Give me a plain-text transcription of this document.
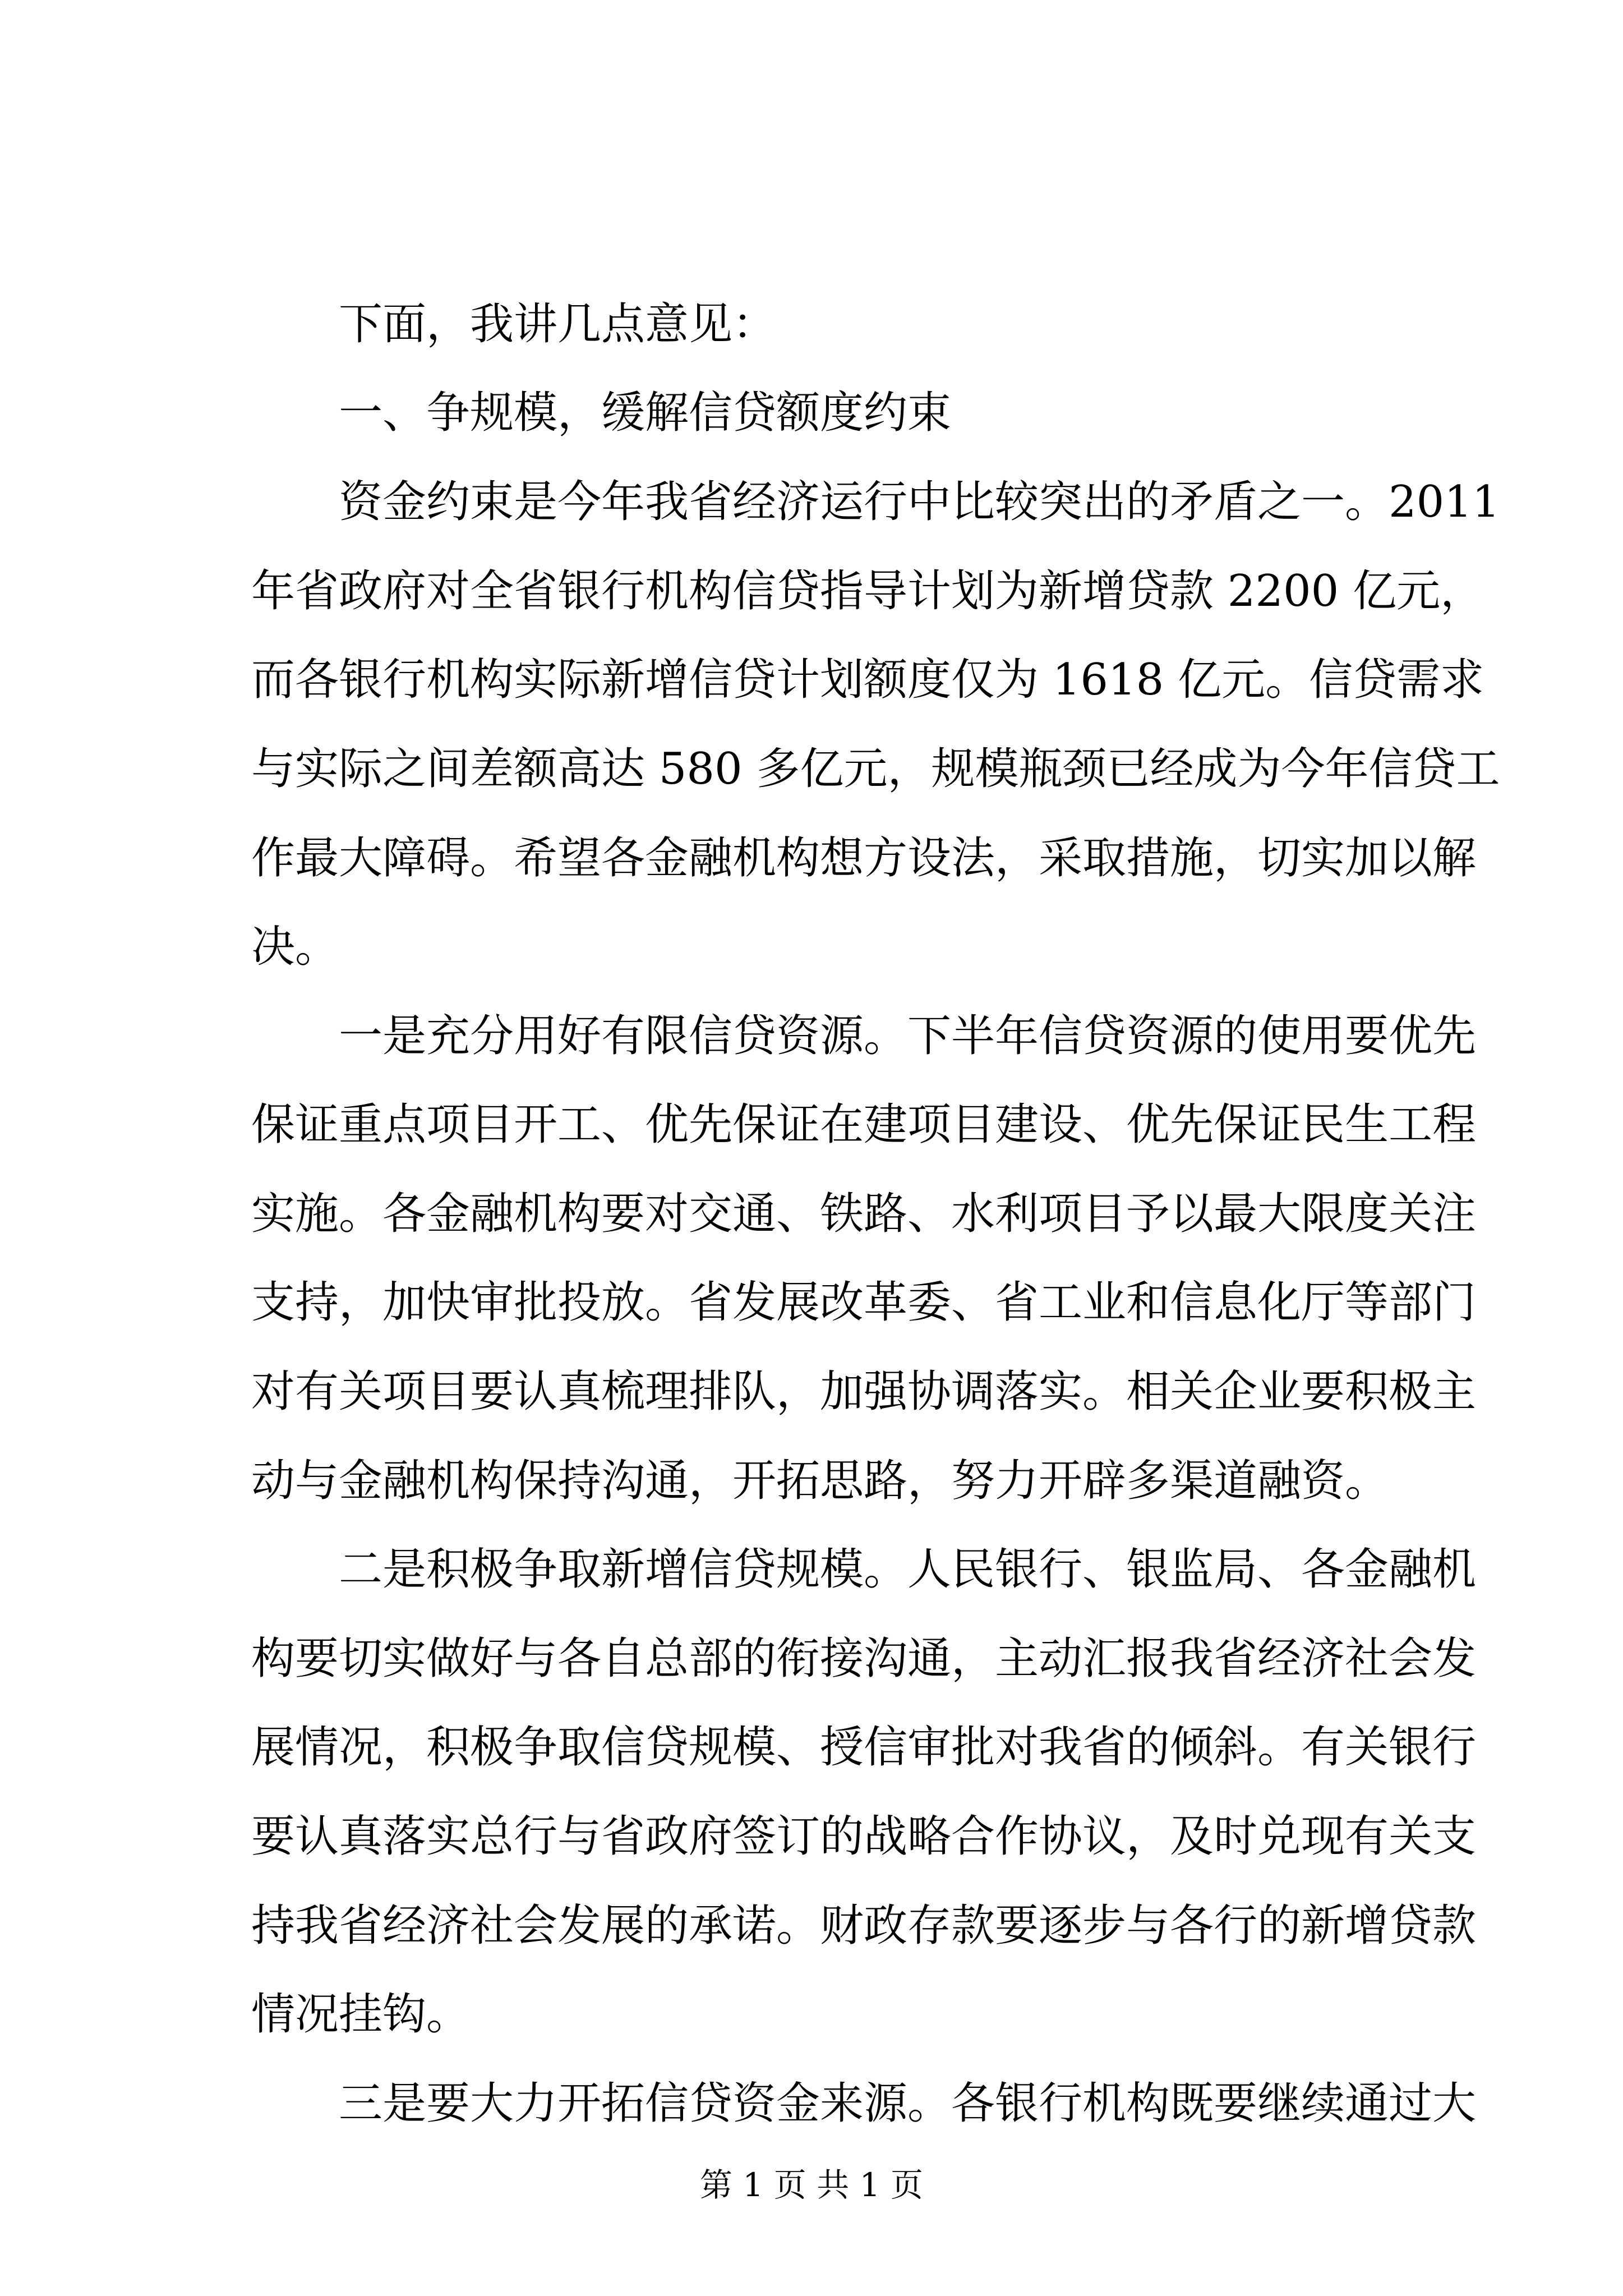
下面，我讲几点意见：
一、争规模，缓解信贷额度约束
资金约束是今年我省经济运行中比较突出的矛盾之一。2011
年省政府对全省银行机构信贷指导计划为新增贷款 2200 亿元，
而各银行机构实际新增信贷计划额度仅为 1618 亿元。信贷需求
与实际之间差额高达 580 多亿元，规模瓶颈已经成为今年信贷工
作最大障碍。希望各金融机构想方设法，采取措施，切实加以解
决。
一是充分用好有限信贷资源。下半年信贷资源的使用要优先
保证重点项目开工、优先保证在建项目建设、优先保证民生工程
实施。各金融机构要对交通、铁路、水利项目予以最大限度关注
支持，加快审批投放。省发展改革委、省工业和信息化厅等部门
对有关项目要认真梳理排队，加强协调落实。相关企业要积极主
动与金融机构保持沟通，开拓思路，努力开辟多渠道融资。
二是积极争取新增信贷规模。人民银行、银监局、各金融机
构要切实做好与各自总部的衔接沟通，主动汇报我省经济社会发
展情况，积极争取信贷规模、授信审批对我省的倾斜。有关银行
要认真落实总行与省政府签订的战略合作协议，及时兑现有关支
持我省经济社会发展的承诺。财政存款要逐步与各行的新增贷款
情况挂钩。
三是要大力开拓信贷资金来源。各银行机构既要继续通过大
第 1 页 共 1 页
